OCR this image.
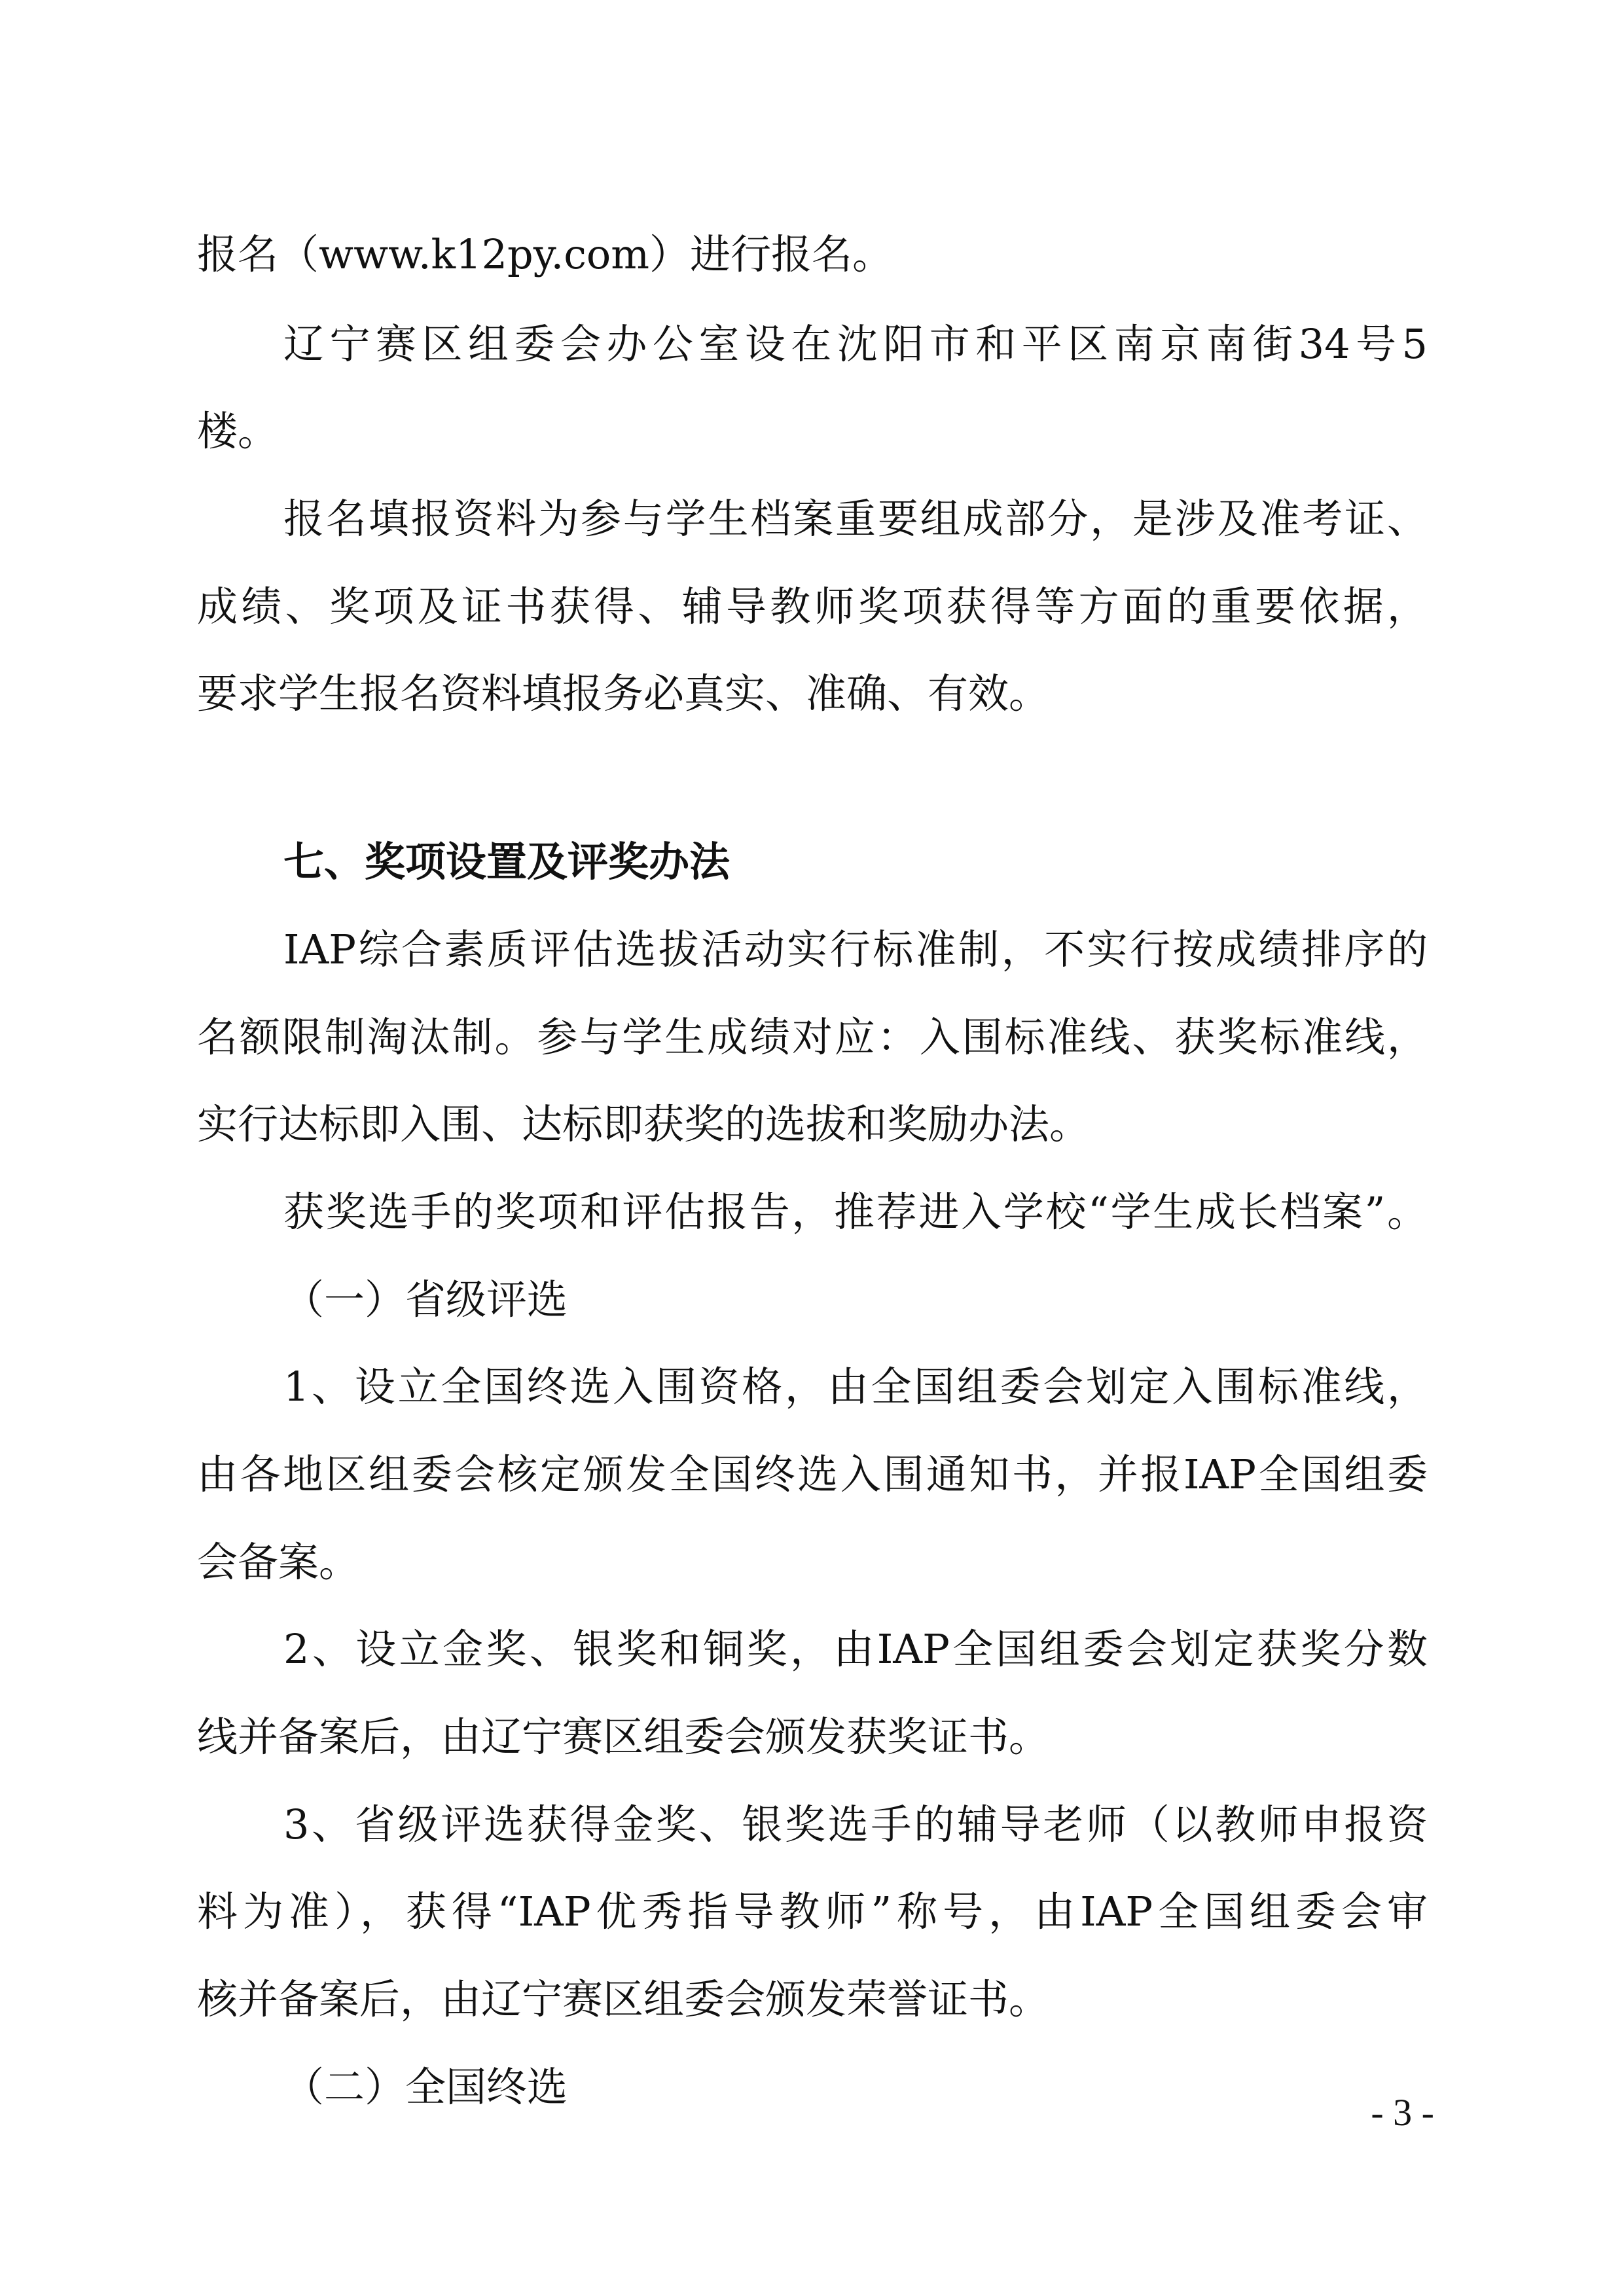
报名（www.k12py.com）进行报名。
辽宁赛区组委会办公室设在沈阳市和平区南京南街34号5
楼。
报名填报资料为参与学生档案重要组成部分，是涉及准考证、
成绩、奖项及证书获得、辅导教师奖项获得等方面的重要依据，
要求学生报名资料填报务必真实、准确、有效。
七、奖项设置及评奖办法
IAP综合素质评估选拔活动实行标准制，不实行按成绩排序的
名额限制淘汰制。参与学生成绩对应：入围标准线、获奖标准线，
实行达标即入围、达标即获奖的选拔和奖励办法。
获奖选手的奖项和评估报告，推荐进入学校“学生成长档案”。
（一）省级评选
1、设立全国终选入围资格，由全国组委会划定入围标准线，
由各地区组委会核定颁发全国终选入围通知书，并报IAP全国组委
会备案。
2、设立金奖、银奖和铜奖，由IAP全国组委会划定获奖分数
线并备案后，由辽宁赛区组委会颁发获奖证书。
3、省级评选获得金奖、银奖选手的辅导老师（以教师申报资
料为准），获得“IAP优秀指导教师”称号，由IAP全国组委会审
核并备案后，由辽宁赛区组委会颁发荣誉证书。
（二）全国终选
- 3 -
